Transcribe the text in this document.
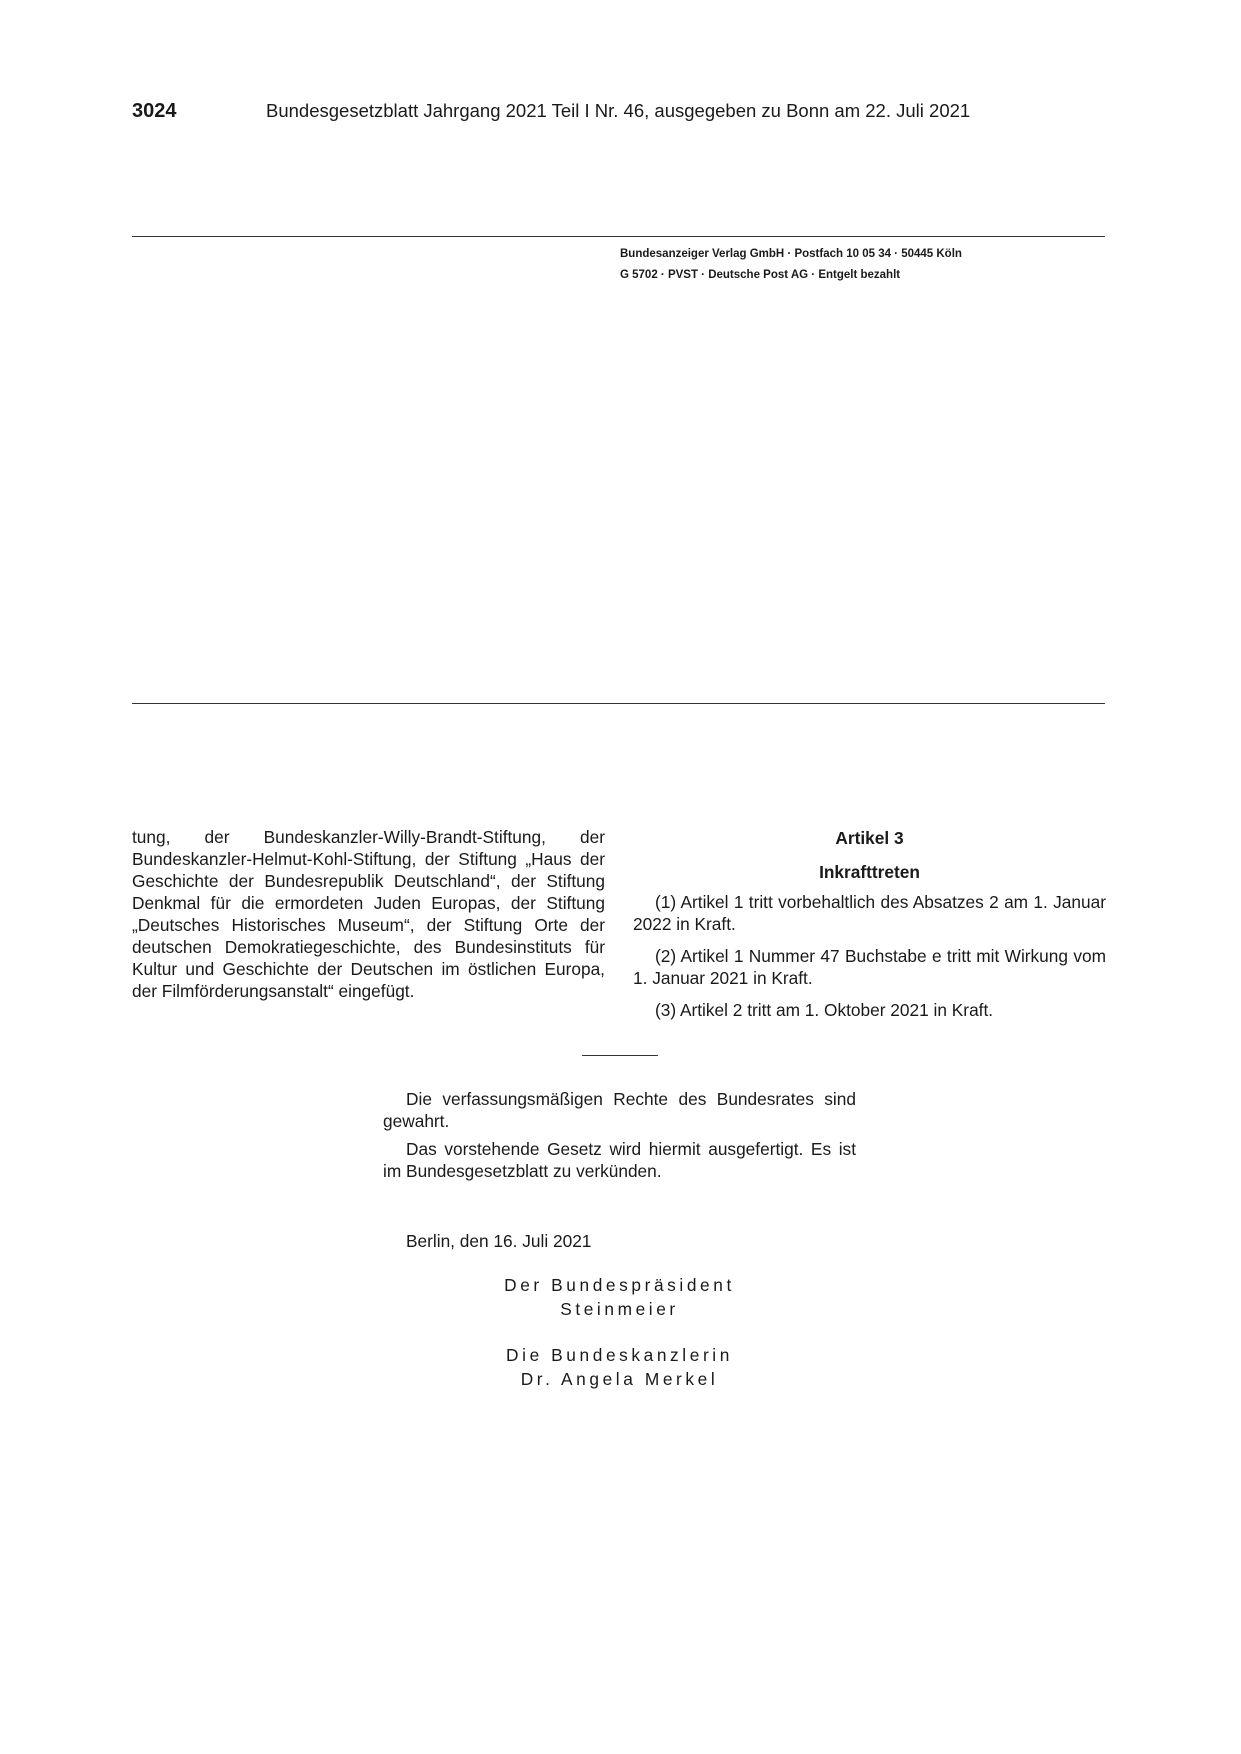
3024	Bundesgesetzblatt Jahrgang 2021 Teil I Nr. 46, ausgegeben zu Bonn am 22. Juli 2021
Bundesanzeiger Verlag GmbH · Postfach 10 05 34 · 50445 Köln
G 5702 · PVST · Deutsche Post AG · Entgelt bezahlt
tung, der Bundeskanzler-Willy-Brandt-Stiftung, der Bundeskanzler-Helmut-Kohl-Stiftung, der Stiftung „Haus der Geschichte der Bundesrepublik Deutschland“, der Stiftung Denkmal für die ermordeten Juden Europas, der Stiftung „Deutsches Historisches Museum“, der Stiftung Orte der deutschen Demokratiegeschichte, des Bundesinstituts für Kultur und Geschichte der Deutschen im östlichen Europa, der Filmförderungsanstalt“ eingefügt.
Artikel 3
Inkrafttreten

(1) Artikel 1 tritt vorbehaltlich des Absatzes 2 am 1. Januar 2022 in Kraft.

(2) Artikel 1 Nummer 47 Buchstabe e tritt mit Wirkung vom 1. Januar 2021 in Kraft.

(3) Artikel 2 tritt am 1. Oktober 2021 in Kraft.

Die verfassungsmäßigen Rechte des Bundesrates sind gewahrt.

Das vorstehende Gesetz wird hiermit ausgefertigt. Es ist im Bundesgesetzblatt zu verkünden.

Berlin, den 16. Juli 2021
Der Bundespräsident
Steinmeier
Die Bundeskanzlerin
Dr. Angela Merkel
